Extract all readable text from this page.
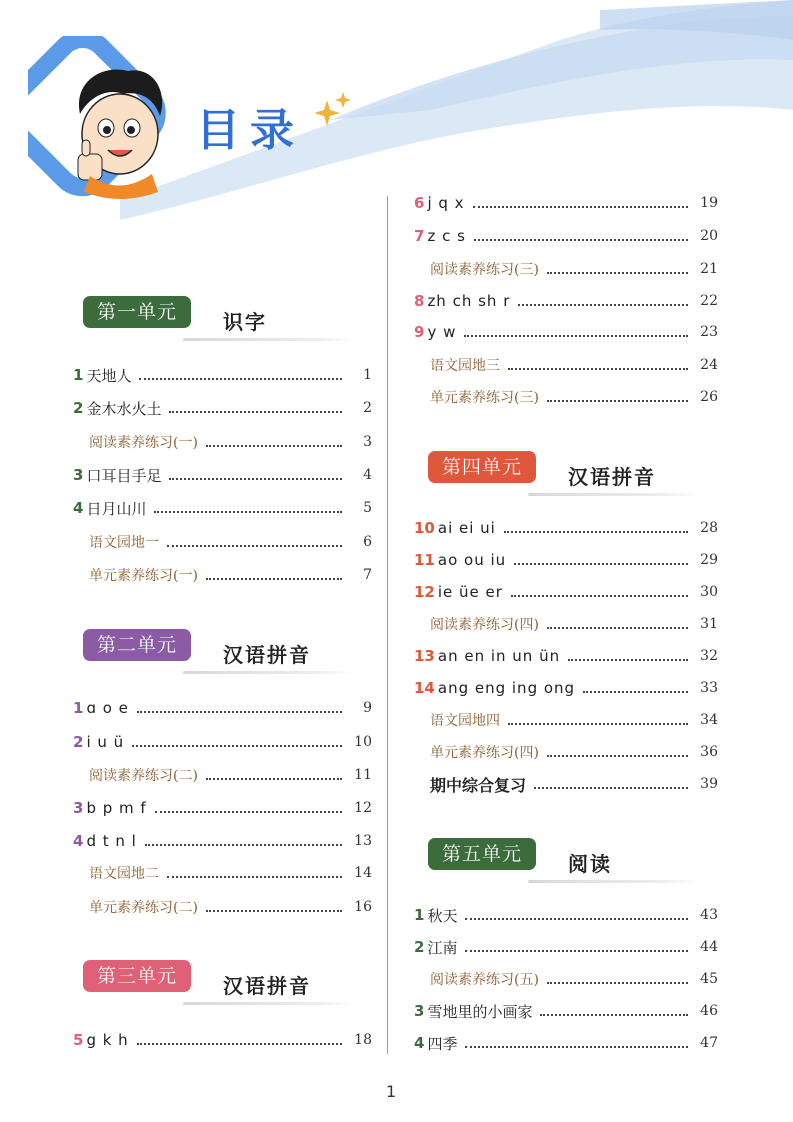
目录
第一单元	识字
1 天地人	1
2 金木水火土	2
阅读素养练习(一)	3
3 口耳目手足	4
4 日月山川	5
语文园地一	6
单元素养练习(一)	7
第二单元	汉语拼音
1 ɑ o e	9
2 i u ü	10
阅读素养练习(二)	11
3 b p m f	12
4 d t n l	13
语文园地二	14
单元素养练习(二)	16
第三单元	汉语拼音
5 g k h	18
6 j q x	19
7 z c s	20
阅读素养练习(三)	21
8 zh ch sh r	22
9 y w	23
语文园地三	24
单元素养练习(三)	26
第四单元	汉语拼音
10 ai ei ui	28
11 ao ou iu	29
12 ie üe er	30
阅读素养练习(四)	31
13 an en in un ün	32
14 ang eng ing ong	33
语文园地四	34
单元素养练习(四)	36
期中综合复习	39
第五单元	阅读
1 秋天	43
2 江南	44
阅读素养练习(五)	45
3 雪地里的小画家	46
4 四季	47
1
